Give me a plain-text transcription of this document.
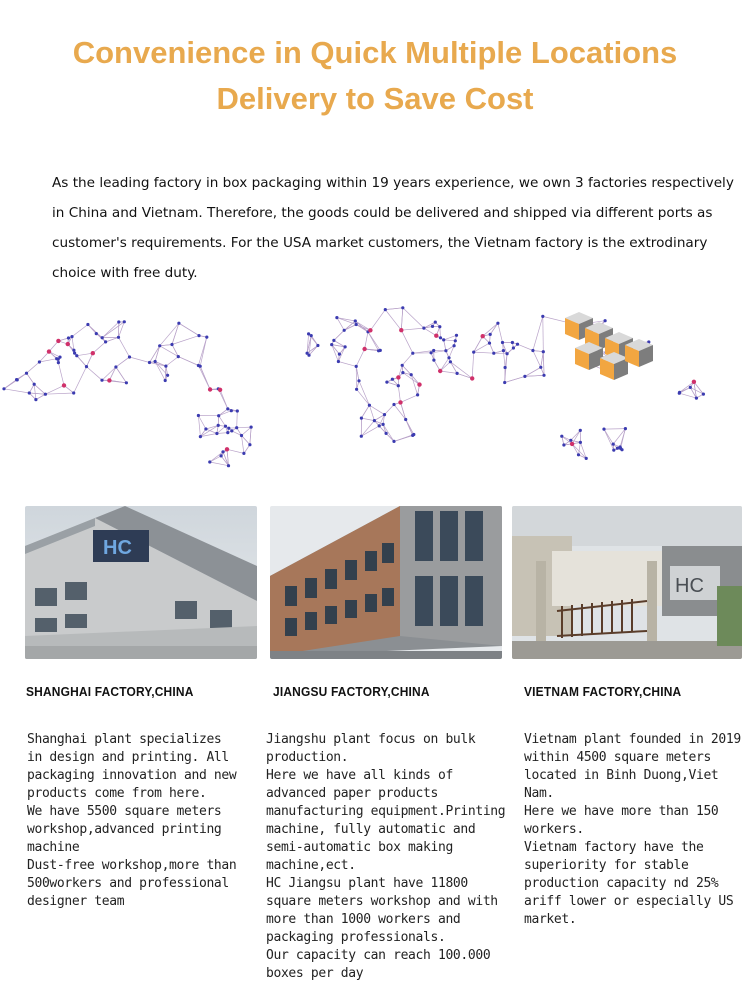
Convenience in Quick Multiple Locations
Delivery to Save Cost
As the leading factory in box packaging within 19 years experience, we own 3 factories respectively in China and Vietnam. Therefore, the goods could be delivered and shipped via different ports as customer's requirements. For the USA market customers, the Vietnam factory is the extrodinary choice with free duty.
HC
HC
SHANGHAI FACTORY,CHINA	JIANGSU FACTORY,CHINA	VIETNAM FACTORY,CHINA

Shanghai plant specializes in design and printing. All packaging innovation and new products come from here.

We have 5500 square meters workshop,advanced printing machine

Dust-free workshop,more than 500workers and professional designer team

Jiangshu plant focus on bulk production.

Here we have all kinds of advanced paper products manufacturing equipment.Printing machine, fully automatic and semi-automatic box making machine,ect.

HC Jiangsu plant have 11800 square meters workshop and with more than 1000 workers and packaging professionals.

Our capacity can reach 100.000 boxes per day

Vietnam plant founded in 2019 within 4500 square meters located in Binh Duong,Viet Nam.

Here we have more than 150 workers.

Vietnam factory have the superiority for stable production capacity nd 25% ariff lower or especially US market.
